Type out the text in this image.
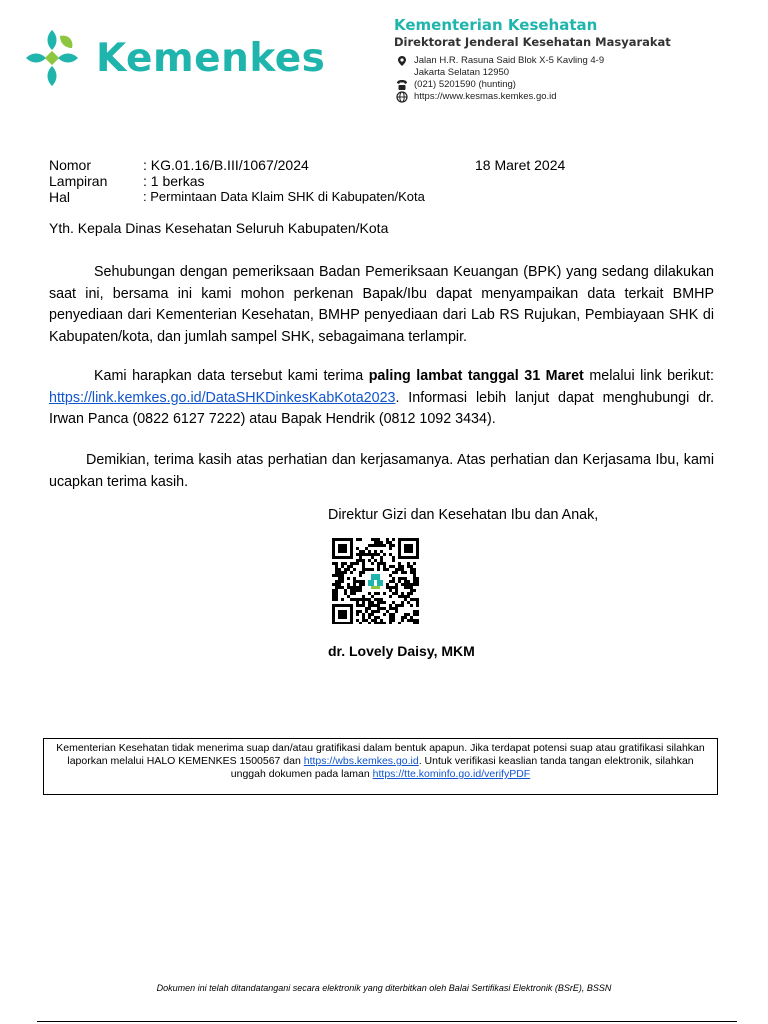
Kemenkes
Kementerian Kesehatan
Direktorat Jenderal Kesehatan Masyarakat
Jalan H.R. Rasuna Said Blok X-5 Kavling 4-9
Jakarta Selatan 12950
(021) 5201590 (hunting)
https://www.kesmas.kemkes.go.id
Nomor	: KG.01.16/B.III/1067/2024
Lampiran	: 1 berkas
Hal	: Permintaan Data Klaim SHK di Kabupaten/Kota
18 Maret 2024
Yth. Kepala Dinas Kesehatan Seluruh Kabupaten/Kota

Sehubungan dengan pemeriksaan Badan Pemeriksaan Keuangan (BPK) yang sedang dilakukan saat ini, bersama ini kami mohon perkenan Bapak/Ibu dapat menyampaikan data terkait BMHP penyediaan dari Kementerian Kesehatan, BMHP penyediaan dari Lab RS Rujukan, Pembiayaan SHK di Kabupaten/kota, dan jumlah sampel SHK, sebagaimana terlampir.

Kami harapkan data tersebut kami terima paling lambat tanggal 31 Maret melalui link berikut: https://link.kemkes.go.id/DataSHKDinkesKabKota2023. Informasi lebih lanjut dapat menghubungi dr. Irwan Panca (0822 6127 7222) atau Bapak Hendrik (0812 1092 3434).

Demikian, terima kasih atas perhatian dan kerjasamanya. Atas perhatian dan Kerjasama Ibu, kami ucapkan terima kasih.

Direktur Gizi dan Kesehatan Ibu dan Anak,
dr. Lovely Daisy, MKM
Kementerian Kesehatan tidak menerima suap dan/atau gratifikasi dalam bentuk apapun. Jika terdapat potensi suap atau gratifikasi silahkan laporkan melalui HALO KEMENKES 1500567 dan https://wbs.kemkes.go.id. Untuk verifikasi keaslian tanda tangan elektronik, silahkan unggah dokumen pada laman https://tte.kominfo.go.id/verifyPDF
Dokumen ini telah ditandatangani secara elektronik yang diterbitkan oleh Balai Sertifikasi Elektronik (BSrE), BSSN
